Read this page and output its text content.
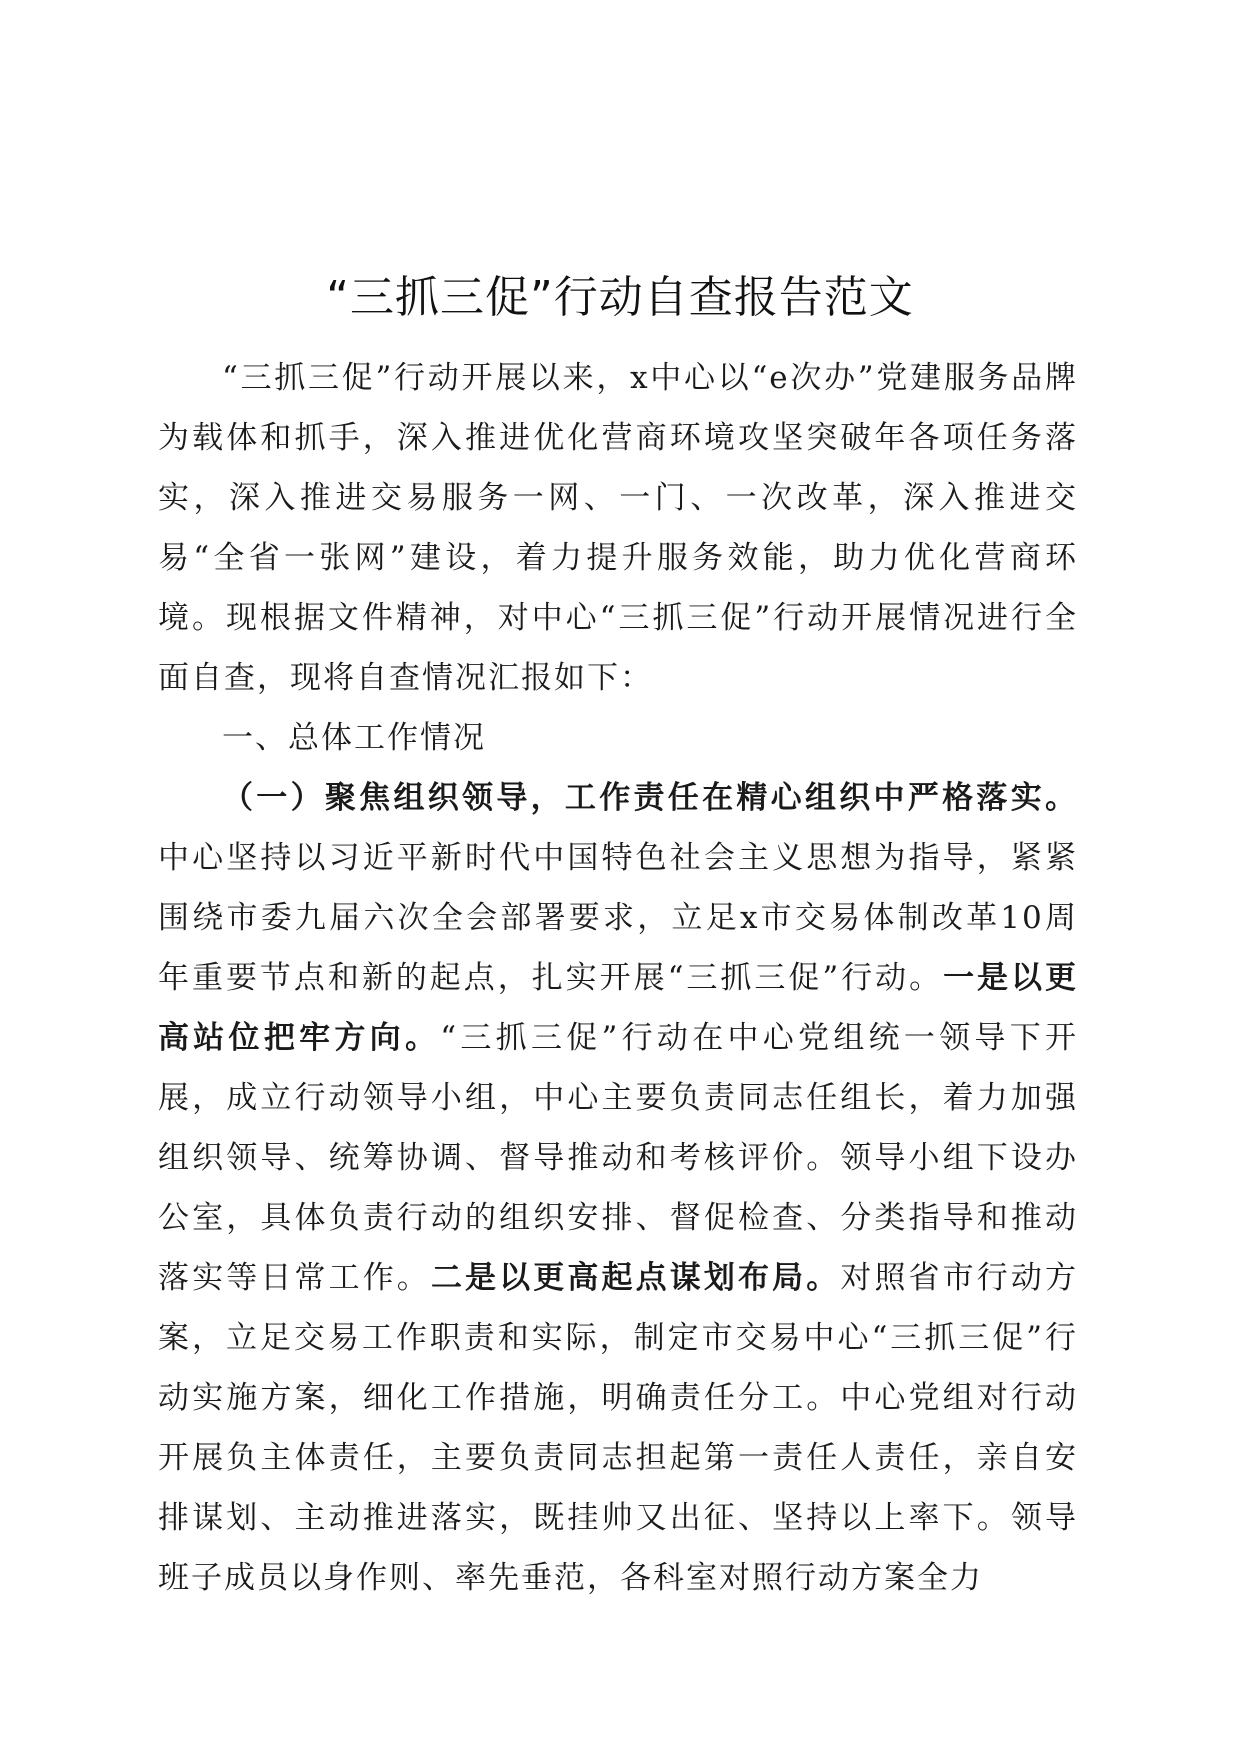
“三抓三促”行动自查报告范文

“三抓三促”行动开展以来，x中心以“e次办”党建服务品牌为载体和抓手，深入推进优化营商环境攻坚突破年各项任务落实，深入推进交易服务一网、一门、一次改革，深入推进交易“全省一张网”建设，着力提升服务效能，助力优化营商环境。现根据文件精神，对中心“三抓三促”行动开展情况进行全面自查，现将自查情况汇报如下：

一、总体工作情况

（一）聚焦组织领导，工作责任在精心组织中严格落实。中心坚持以习近平新时代中国特色社会主义思想为指导，紧紧围绕市委九届六次全会部署要求，立足x市交易体制改革10周年重要节点和新的起点，扎实开展“三抓三促”行动。一是以更高站位把牢方向。“三抓三促”行动在中心党组统一领导下开展，成立行动领导小组，中心主要负责同志任组长，着力加强组织领导、统筹协调、督导推动和考核评价。领导小组下设办公室，具体负责行动的组织安排、督促检查、分类指导和推动落实等日常工作。二是以更高起点谋划布局。对照省市行动方案，立足交易工作职责和实际，制定市交易中心“三抓三促”行动实施方案，细化工作措施，明确责任分工。中心党组对行动开展负主体责任，主要负责同志担起第一责任人责任，亲自安排谋划、主动推进落实，既挂帅又出征、坚持以上率下。领导班子成员以身作则、率先垂范，各科室对照行动方案全力
